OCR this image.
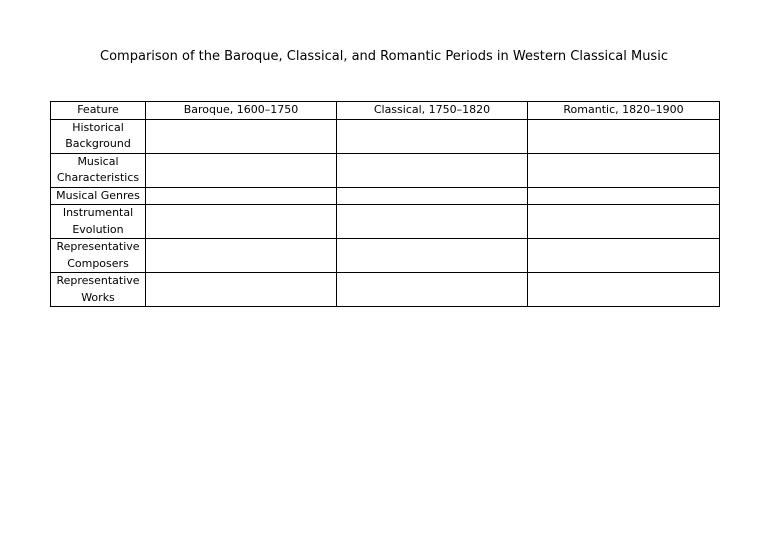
Comparison of the Baroque, Classical, and Romantic Periods in Western Classical Music
Feature	Baroque, 1600–1750	Classical, 1750–1820	Romantic, 1820–1900
Historical Background			
Musical Characteristics			
Musical Genres			
Instrumental Evolution			
Representative Composers			
Representative Works			
